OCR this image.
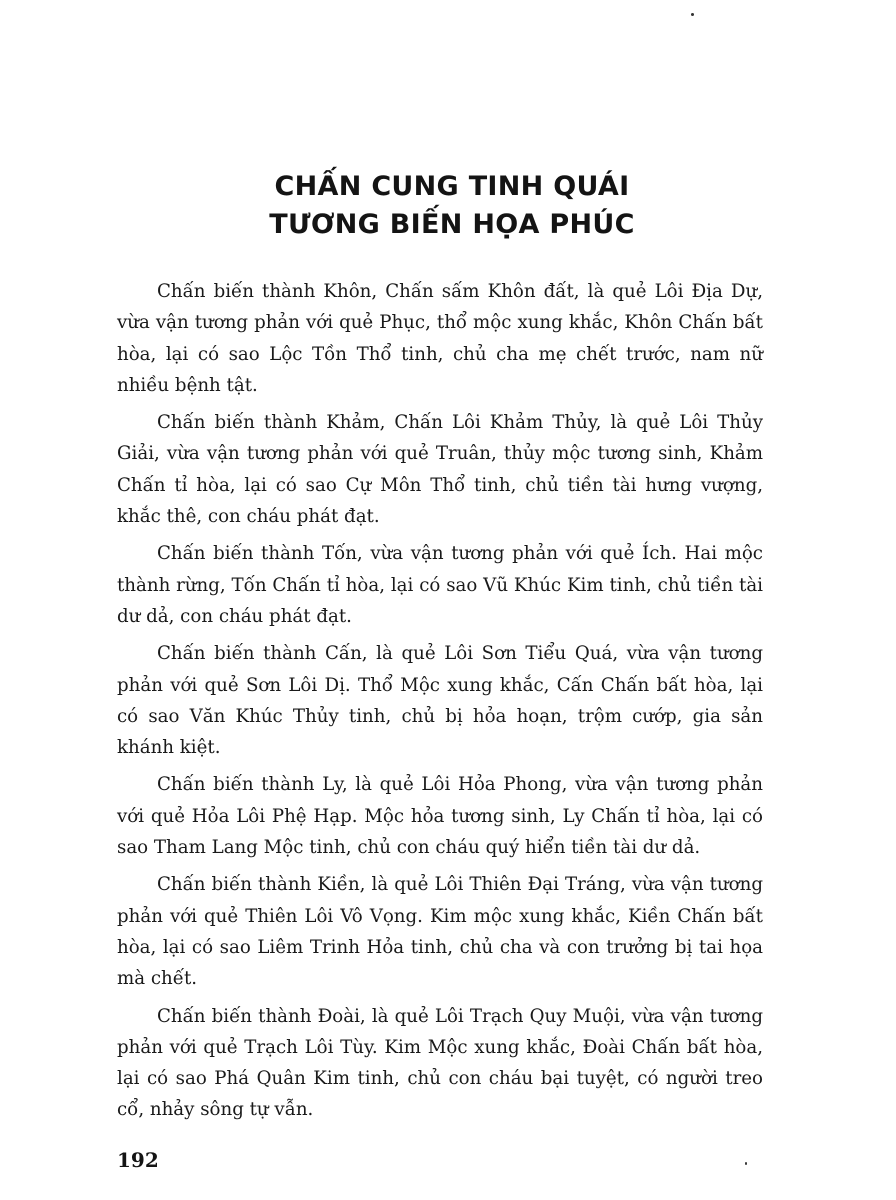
CHẤN CUNG TINH QUÁI
TƯƠNG BIẾN HỌA PHÚC

Chấn biến thành Khôn, Chấn sấm Khôn đất, là quẻ Lôi Địa Dự, vừa vận tương phản với quẻ Phục, thổ mộc xung khắc, Khôn Chấn bất hòa, lại có sao Lộc Tồn Thổ tinh, chủ cha mẹ chết trước, nam nữ nhiều bệnh tật.

Chấn biến thành Khảm, Chấn Lôi Khảm Thủy, là quẻ Lôi Thủy Giải, vừa vận tương phản với quẻ Truân, thủy mộc tương sinh, Khảm Chấn tỉ hòa, lại có sao Cự Môn Thổ tinh, chủ tiền tài hưng vượng, khắc thê, con cháu phát đạt.

Chấn biến thành Tốn, vừa vận tương phản với quẻ Ích. Hai mộc thành rừng, Tốn Chấn tỉ hòa, lại có sao Vũ Khúc Kim tinh, chủ tiền tài dư dả, con cháu phát đạt.

Chấn biến thành Cấn, là quẻ Lôi Sơn Tiểu Quá, vừa vận tương phản với quẻ Sơn Lôi Dị. Thổ Mộc xung khắc, Cấn Chấn bất hòa, lại có sao Văn Khúc Thủy tinh, chủ bị hỏa hoạn, trộm cướp, gia sản khánh kiệt.

Chấn biến thành Ly, là quẻ Lôi Hỏa Phong, vừa vận tương phản với quẻ Hỏa Lôi Phệ Hạp. Mộc hỏa tương sinh, Ly Chấn tỉ hòa, lại có sao Tham Lang Mộc tinh, chủ con cháu quý hiển tiền tài dư dả.

Chấn biến thành Kiền, là quẻ Lôi Thiên Đại Tráng, vừa vận tương phản với quẻ Thiên Lôi Vô Vọng. Kim mộc xung khắc, Kiền Chấn bất hòa, lại có sao Liêm Trinh Hỏa tinh, chủ cha và con trưởng bị tai họa mà chết.

Chấn biến thành Đoài, là quẻ Lôi Trạch Quy Muội, vừa vận tương phản với quẻ Trạch Lôi Tùy. Kim Mộc xung khắc, Đoài Chấn bất hòa, lại có sao Phá Quân Kim tinh, chủ con cháu bại tuyệt, có người treo cổ, nhảy sông tự vẫn.

192
